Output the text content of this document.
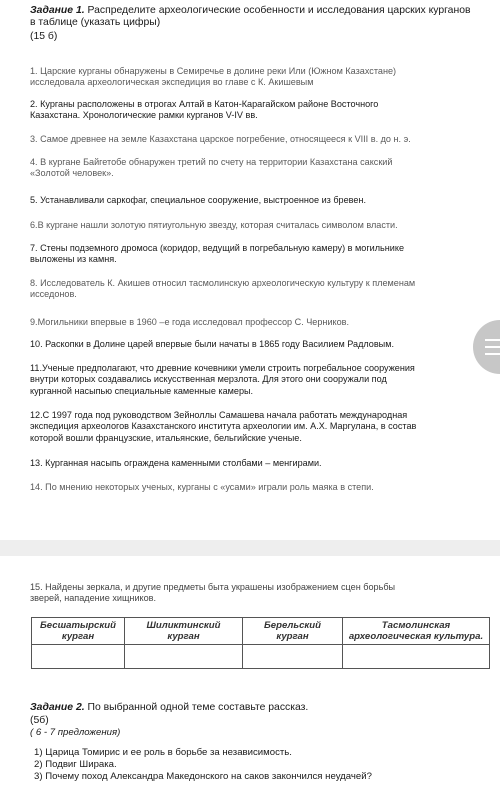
Задание 1. Распределите археологические особенности и исследования царских курганов
в таблице (указать цифры)
(15 б)
1. Царские курганы обнаружены в Семиречье в долине реки Или (Южном Казахстане)
исследовала археологическая экспедиция во главе с К. Акишевым
2. Курганы расположены в отрогах Алтай в Катон-Карагайском районе Восточного
Казахстана. Хронологические рамки курганов V-IV вв.
3. Самое древнее на земле Казахстана царское погребение, относящееся к VIII в. до н. э.
4. В кургане Байгетобе обнаружен третий по счету на территории Казахстана сакский
«Золотой человек».
5. Устанавливали саркофаг, специальное сооружение, выстроенное из бревен.
6.В кургане нашли золотую пятиугольную звезду, которая считалась символом власти.
7. Стены подземного дромоса (коридор, ведущий в погребальную камеру) в могильнике
выложены из камня.
8. Исследователь К. Акишев относил тасмолинскую археологическую культуру к племенам
исседонов.
9.Могильники впервые в 1960 –е года исследовал профессор С. Черников.
10. Раскопки в Долине царей впервые были начаты в 1865 году Василием Радловым.
11.Ученые предполагают, что древние кочевники умели строить погребальное сооружения
внутри которых создавались искусственная мерзлота. Для этого они сооружали под
курганной насыпью специальные каменные камеры.
12.С 1997 года под руководством Зейноллы Самашева начала работать международная
экспедиция археологов Казахстанского института археологии им. А.Х. Маргулана, в состав
которой вошли французские, итальянские, бельгийские ученые.
13. Курганная насыпь ограждена каменными столбами – менгирами.
14. По мнению некоторых ученых, курганы с «усами» играли роль маяка в степи.
15. Найдены зеркала, и другие предметы быта украшены изображением сцен борьбы
зверей, нападение хищников.
Бесшатырский
курган	Шиликтинский
курган	Берельский
курган	Тасмолинская
археологическая культура.

Задание 2. По выбранной одной теме составьте рассказ.
(5б)
( 6 - 7 предложения)
1) Царица Томирис и ее роль в борьбе за независимость.
2) Подвиг Ширака.
3) Почему поход Александра Македонского на саков закончился неудачей?
